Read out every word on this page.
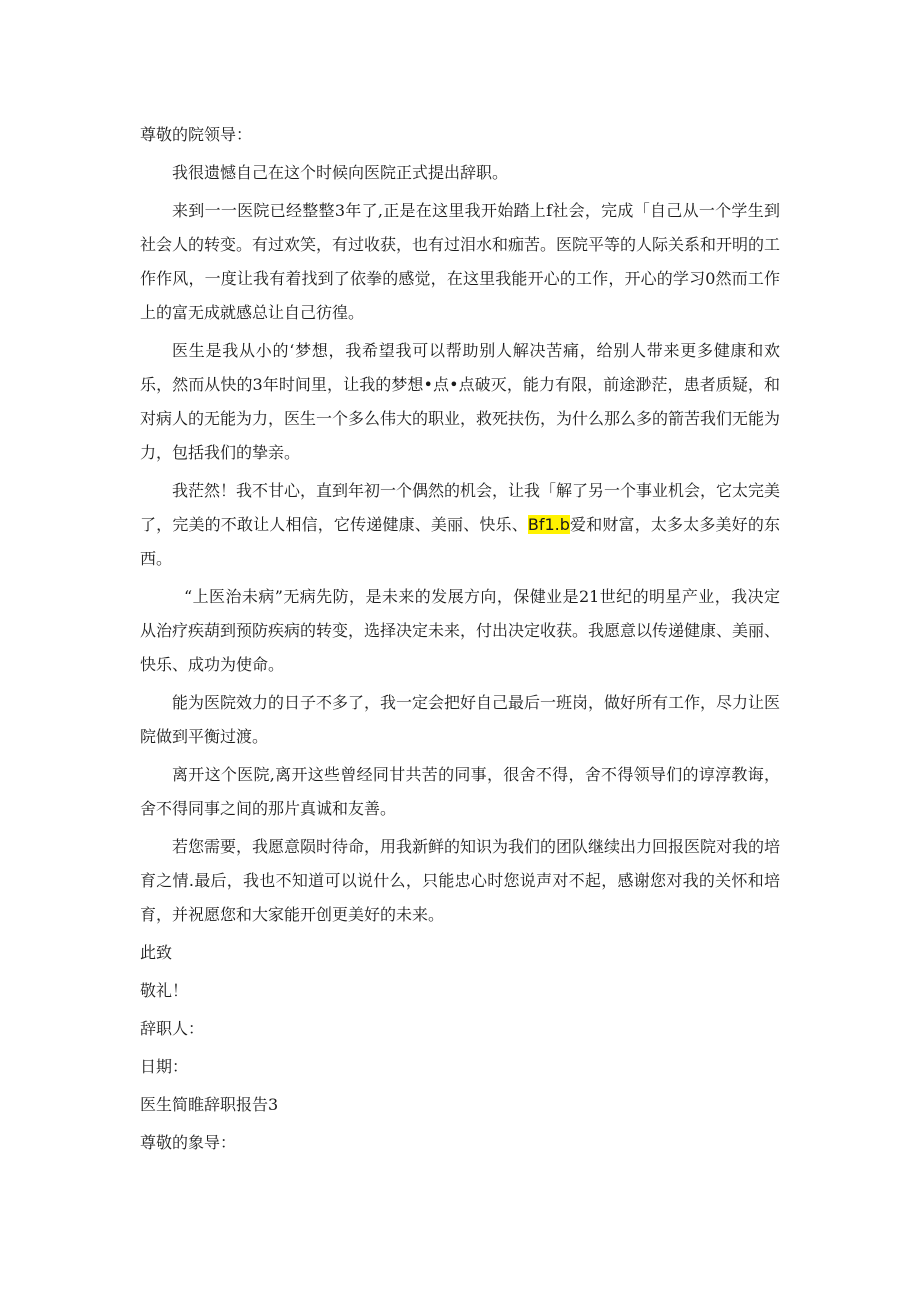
尊敬的院领导：

我很遗憾自己在这个时候向医院正式提出辞职。

来到一一医院已经整整3年了,正是在这里我开始踏上f社会，完成「自己从一个学生到社会人的转变。有过欢笑，有过收获，也有过泪水和痂苦。医院平等的人际关系和开明的工作作风，一度让我有着找到了依拳的感觉，在这里我能开心的工作，开心的学习0然而工作上的富无成就感总让自己彷徨。

医生是我从小的‘梦想，我希望我可以帮助别人解决苦痛，给别人带来更多健康和欢乐，然而从快的3年时间里，让我的梦想•点•点破灭，能力有限，前途渺茫，患者质疑，和对病人的无能为力，医生一个多么伟大的职业，救死扶伤，为什么那么多的箭苦我们无能为力，包括我们的挚亲。

我茫然！我不甘心，直到年初一个偶然的机会，让我「解了另一个事业机会，它太完美了，完美的不敢让人相信，它传递健康、美丽、快乐、Bf1.b爱和财富，太多太多美好的东西。

“上医治未病”无病先防，是未来的发展方向，保健业是21世纪的明星产业，我决定从治疗疾葫到预防疾病的转变，选择决定未来，付出决定收获。我愿意以传递健康、美丽、快乐、成功为使命。

能为医院效力的日子不多了，我一定会把好自己最后一班岗，做好所有工作，尽力让医院做到平衡过渡。

离开这个医院,离开这些曾经同甘共苦的同事，很舍不得，舍不得领导们的谆淳教诲，舍不得同事之间的那片真诚和友善。

若您需要，我愿意陨时待命，用我新鲜的知识为我们的团队继续出力回报医院对我的培育之情.最后，我也不知道可以说什么，只能忠心时您说声对不起，感谢您对我的关怀和培育，并祝愿您和大家能开创更美好的未来。

此致

敬礼！

辞职人：

日期：

医生简睢辞职报告3

尊敬的象导：
